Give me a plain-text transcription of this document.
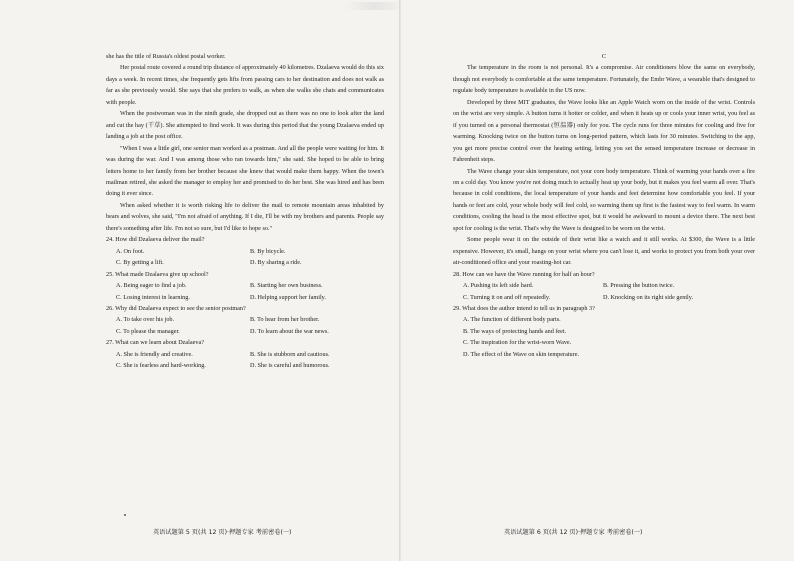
she has the title of Russia's oldest postal worker.

Her postal route covered a round trip distance of approximately 40 kilometres. Dzalaeva would do this six days a week. In recent times, she frequently gets lifts from passing cars to her destination and does not walk as far as she previously would. She says that she prefers to walk, as when she walks she chats and communicates with people.

When the postwoman was in the ninth grade, she dropped out as there was no one to look after the land and cut the hay (干草). She attempted to find work. It was during this period that the young Dzalaeva ended up landing a job at the post office.

"When I was a little girl, one senior man worked as a postman. And all the people were waiting for him. It was during the war. And I was among those who ran towards him," she said. She hoped to be able to bring letters home to her family from her brother because she knew that would make them happy. When the town's mailman retired, she asked the manager to employ her and promised to do her best. She was hired and has been doing it ever since.

When asked whether it is worth risking life to deliver the mail to remote mountain areas inhabited by bears and wolves, she said, "I'm not afraid of anything. If I die, I'll be with my brothers and parents. People say there's something after life. I'm not so sure, but I'd like to hope so."

24. How did Dzalaeva deliver the mail?

A. On foot.	B. By bicycle.
C. By getting a lift.	D. By sharing a ride.

25. What made Dzalaeva give up school?

A. Being eager to find a job.	B. Starting her own business.
C. Losing interest in learning.	D. Helping support her family.

26. Why did Dzalaeva expect to see the senior postman?

A. To take over his job.	B. To hear from her brother.
C. To please the manager.	D. To learn about the war news.

27. What can we learn about Dzalaeva?

A. She is friendly and creative.	B. She is stubborn and cautious.
C. She is fearless and hard-working.	D. She is careful and humorous.
英语试题第 5 页(共 12 页)·押题专家 考前密卷(一)

C

The temperature in the room is not personal. It's a compromise. Air conditioners blow the same on everybody, though not everybody is comfortable at the same temperature. Fortunately, the Embr Wave, a wearable that's designed to regulate body temperature is available in the US now.

Developed by three MIT graduates, the Wave looks like an Apple Watch worn on the inside of the wrist. Controls on the wrist are very simple. A button turns it hotter or colder, and when it heats up or cools your inner wrist, you feel as if you turned on a personal thermostat (恒温器) only for you. The cycle runs for three minutes for cooling and five for warming. Knocking twice on the button turns on long-period pattern, which lasts for 30 minutes. Switching to the app, you get more precise control over the heating setting, letting you set the sensed temperature increase or decrease in Fahrenheit steps.

The Wave change your skin temperature, not your core body temperature. Think of warming your hands over a fire on a cold day. You know you're not doing much to actually heat up your body, but it makes you feel warm all over. That's because in cold conditions, the local temperature of your hands and feet determine how comfortable you feel. If your hands or feet are cold, your whole body will feel cold, so warming them up first is the fastest way to feel warm. In warm conditions, cooling the head is the most effective spot, but it would be awkward to mount a device there. The next best spot for cooling is the wrist. That's why the Wave is designed to be worn on the wrist.

Some people wear it on the outside of their wrist like a watch and it still works. At $300, the Wave is a little expensive. However, it's small, hangs on your wrist where you can't lose it, and works to protect you from both your over air-conditioned office and your roasting-hot car.

28. How can we have the Wave running for half an hour?

A. Pushing its left side hard.	B. Pressing the button twice.
C. Turning it on and off repeatedly.	D. Knocking on its right side gently.

29. What does the author intend to tell us in paragraph 3?

A. The function of different body parts.
B. The ways of protecting hands and feet.
C. The inspiration for the wrist-worn Wave.
D. The effect of the Wave on skin temperature.
英语试题第 6 页(共 12 页)·押题专家 考前密卷(一)
